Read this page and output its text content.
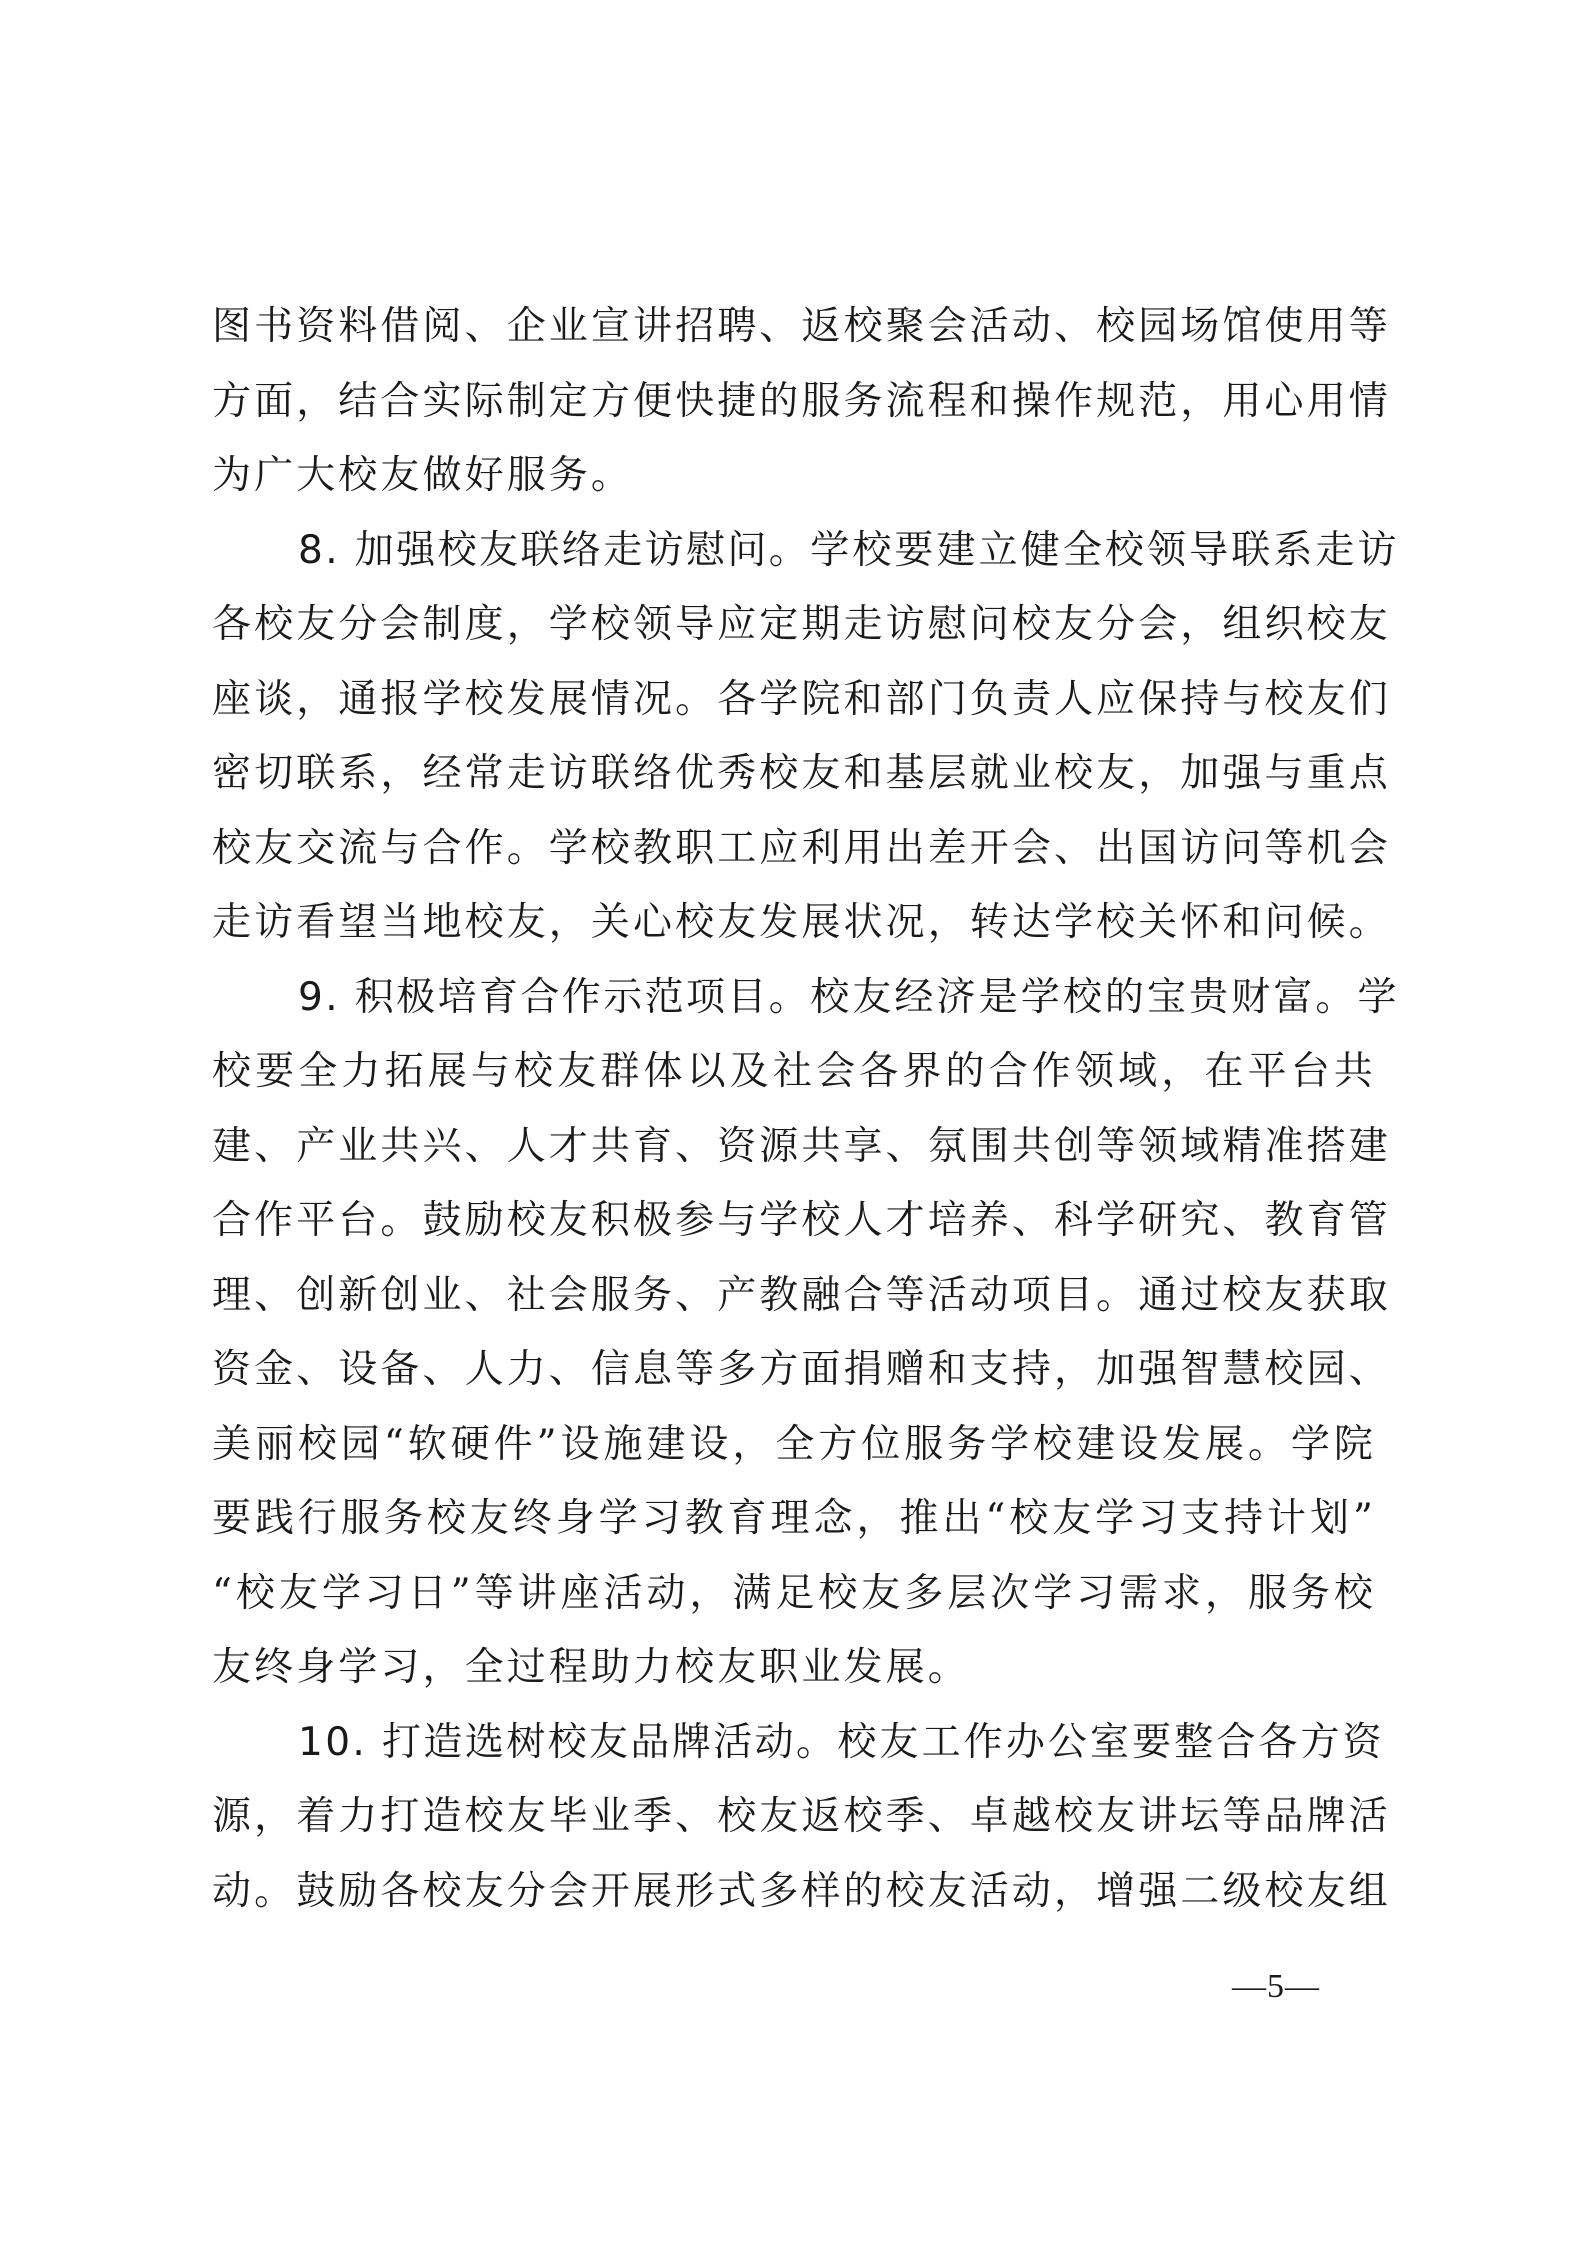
图书资料借阅、企业宣讲招聘、返校聚会活动、校园场馆使用等
方面，结合实际制定方便快捷的服务流程和操作规范，用心用情
为广大校友做好服务。
8. 加强校友联络走访慰问。学校要建立健全校领导联系走访
各校友分会制度，学校领导应定期走访慰问校友分会，组织校友
座谈，通报学校发展情况。各学院和部门负责人应保持与校友们
密切联系，经常走访联络优秀校友和基层就业校友，加强与重点
校友交流与合作。学校教职工应利用出差开会、出国访问等机会
走访看望当地校友，关心校友发展状况，转达学校关怀和问候。
9. 积极培育合作示范项目。校友经济是学校的宝贵财富。学
校要全力拓展与校友群体以及社会各界的合作领域，在平台共
建、产业共兴、人才共育、资源共享、氛围共创等领域精准搭建
合作平台。鼓励校友积极参与学校人才培养、科学研究、教育管
理、创新创业、社会服务、产教融合等活动项目。通过校友获取
资金、设备、人力、信息等多方面捐赠和支持，加强智慧校园、
美丽校园“软硬件”设施建设，全方位服务学校建设发展。学院
要践行服务校友终身学习教育理念，推出“校友学习支持计划”
“校友学习日”等讲座活动，满足校友多层次学习需求，服务校
友终身学习，全过程助力校友职业发展。
10. 打造选树校友品牌活动。校友工作办公室要整合各方资
源，着力打造校友毕业季、校友返校季、卓越校友讲坛等品牌活
动。鼓励各校友分会开展形式多样的校友活动，增强二级校友组
—5—
